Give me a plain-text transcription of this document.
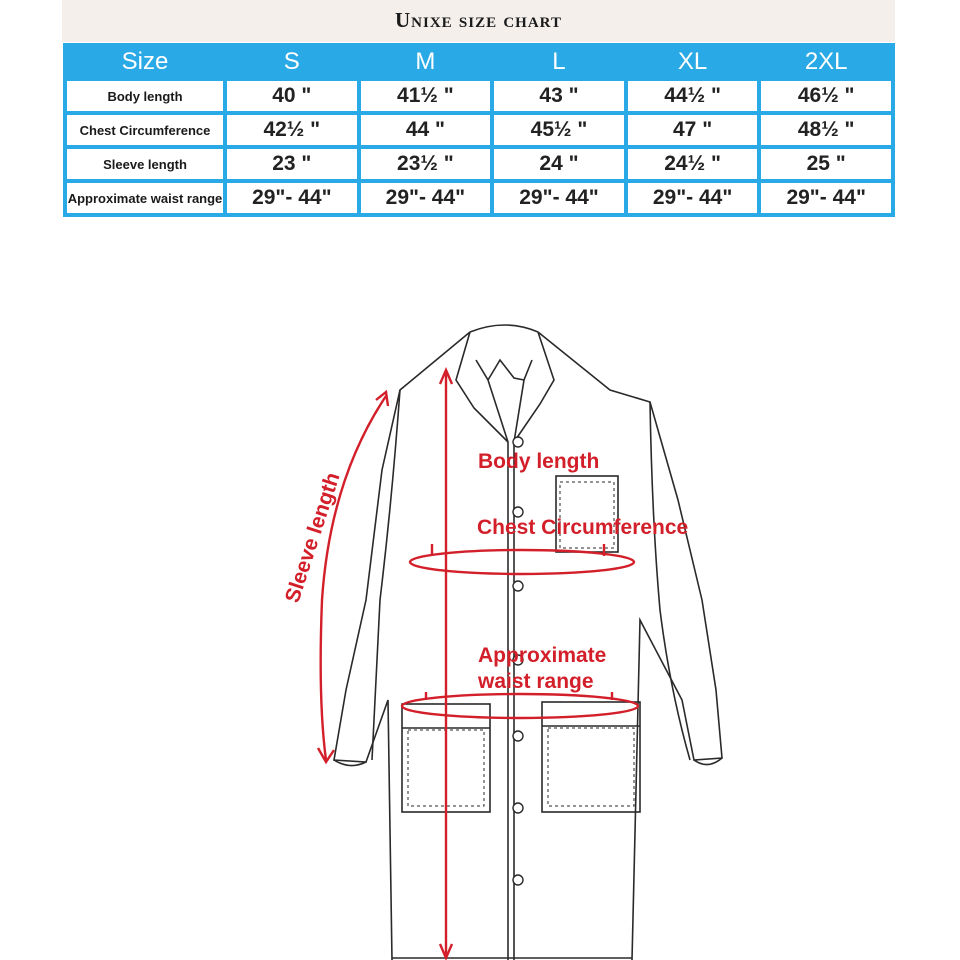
Unixe size chart
Size	S	M	L	XL	2XL
Body length	40 "	41½ "	43 "	44½ "	46½ "
Chest Circumference	42½ "	44 "	45½ "	47 "	48½ "
Sleeve length	23 "	23½ "	24 "	24½ "	25 "
Approximate waist range	29"- 44"	29"- 44"	29"- 44"	29"- 44"	29"- 44"
Body length
Chest Circumference
Approximate
waist range
Sleeve length
